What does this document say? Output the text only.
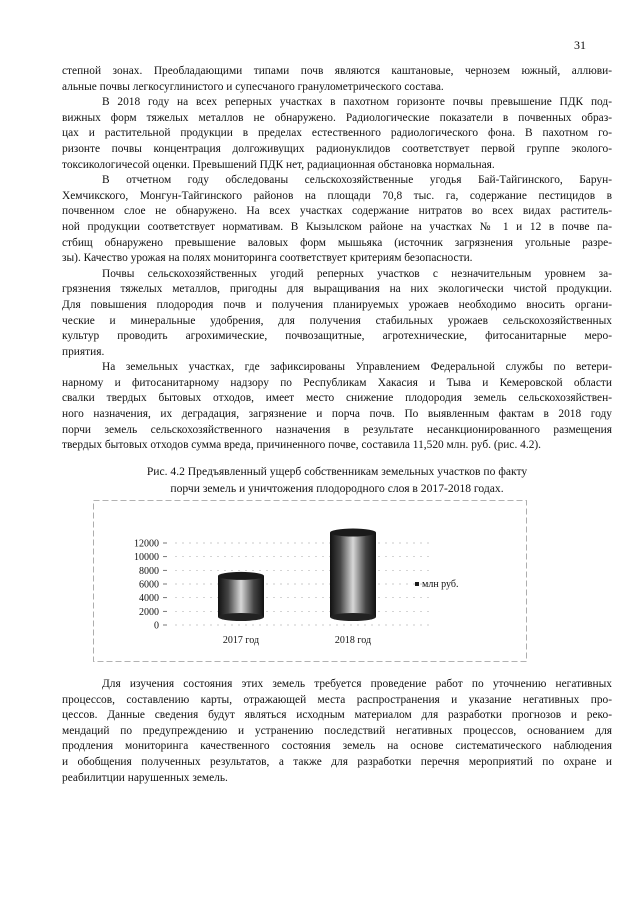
31
степной зонах. Преобладающими типами почв являются каштановые, чернозем южный, аллюви-
альные почвы легкосуглинистого и супесчаного гранулометрического состава.
В 2018 году на всех реперных участках в пахотном горизонте почвы превышение ПДК под-
вижных форм тяжелых металлов не обнаружено. Радиологические показатели в почвенных образ-
цах и растительной продукции в пределах естественного радиологического фона. В пахотном го-
ризонте почвы концентрация долгоживущих радионуклидов соответствует первой группе эколого-
токсикологичесой оценки. Превышений ПДК нет, радиационная обстановка нормальная.
В отчетном году обследованы сельскохозяйственные угодья Бай-Тайгинского, Барун-
Хемчикского, Монгун-Тайгинского районов на площади 70,8 тыс. га, содержание пестицидов в
почвенном слое не обнаружено. На всех участках содержание нитратов во всех видах раститель-
ной продукции соответствует нормативам. В Кызылском районе на участках № 1 и 12 в почве па-
стбищ обнаружено превышение валовых форм мышьяка (источник загрязнения угольные разре-
зы). Качество урожая на полях мониторинга соответствует критериям безопасности.
Почвы сельскохозяйственных угодий реперных участков с незначительным уровнем за-
грязнения тяжелых металлов, пригодны для выращивания на них экологически чистой продукции.
Для повышения плодородия почв и получения планируемых урожаев необходимо вносить органи-
ческие и минеральные удобрения, для получения стабильных урожаев сельскохозяйственных
культур проводить агрохимические, почвозащитные, агротехнические, фитосанитарные меро-
приятия.
На земельных участках, где зафиксированы Управлением Федеральной службы по ветери-
нарному и фитосанитарному надзору по Республикам Хакасия и Тыва и Кемеровской области
свалки твердых бытовых отходов, имеет место снижение плодородия земель сельскохозяйствен-
ного назначения, их деградация, загрязнение и порча почв. По выявленным фактам в 2018 году
порчи земель сельскохозяйственного назначения в результате несанкционированного размещения
твердых бытовых отходов сумма вреда, причиненного почве, составила 11,520 млн. руб. (рис. 4.2).
Рис. 4.2 Предъявленный ущерб собственникам земельных участков по факту
порчи земель и уничтожения плодородного слоя в 2017-2018 годах.
0
2000
4000
6000
8000
10000
12000
2017 год	2018 год
млн руб.
Для изучения состояния этих земель требуется проведение работ по уточнению негативных
процессов, составлению карты, отражающей места распространения и указание негативных про-
цессов. Данные сведения будут являться исходным материалом для разработки прогнозов и реко-
мендаций по предупреждению и устранению последствий негативных процессов, основанием для
продления мониторинга качественного состояния земель на основе систематического наблюдения
и обобщения полученных результатов, а также для разработки перечня мероприятий по охране и
реабилитции нарушенных земель.
